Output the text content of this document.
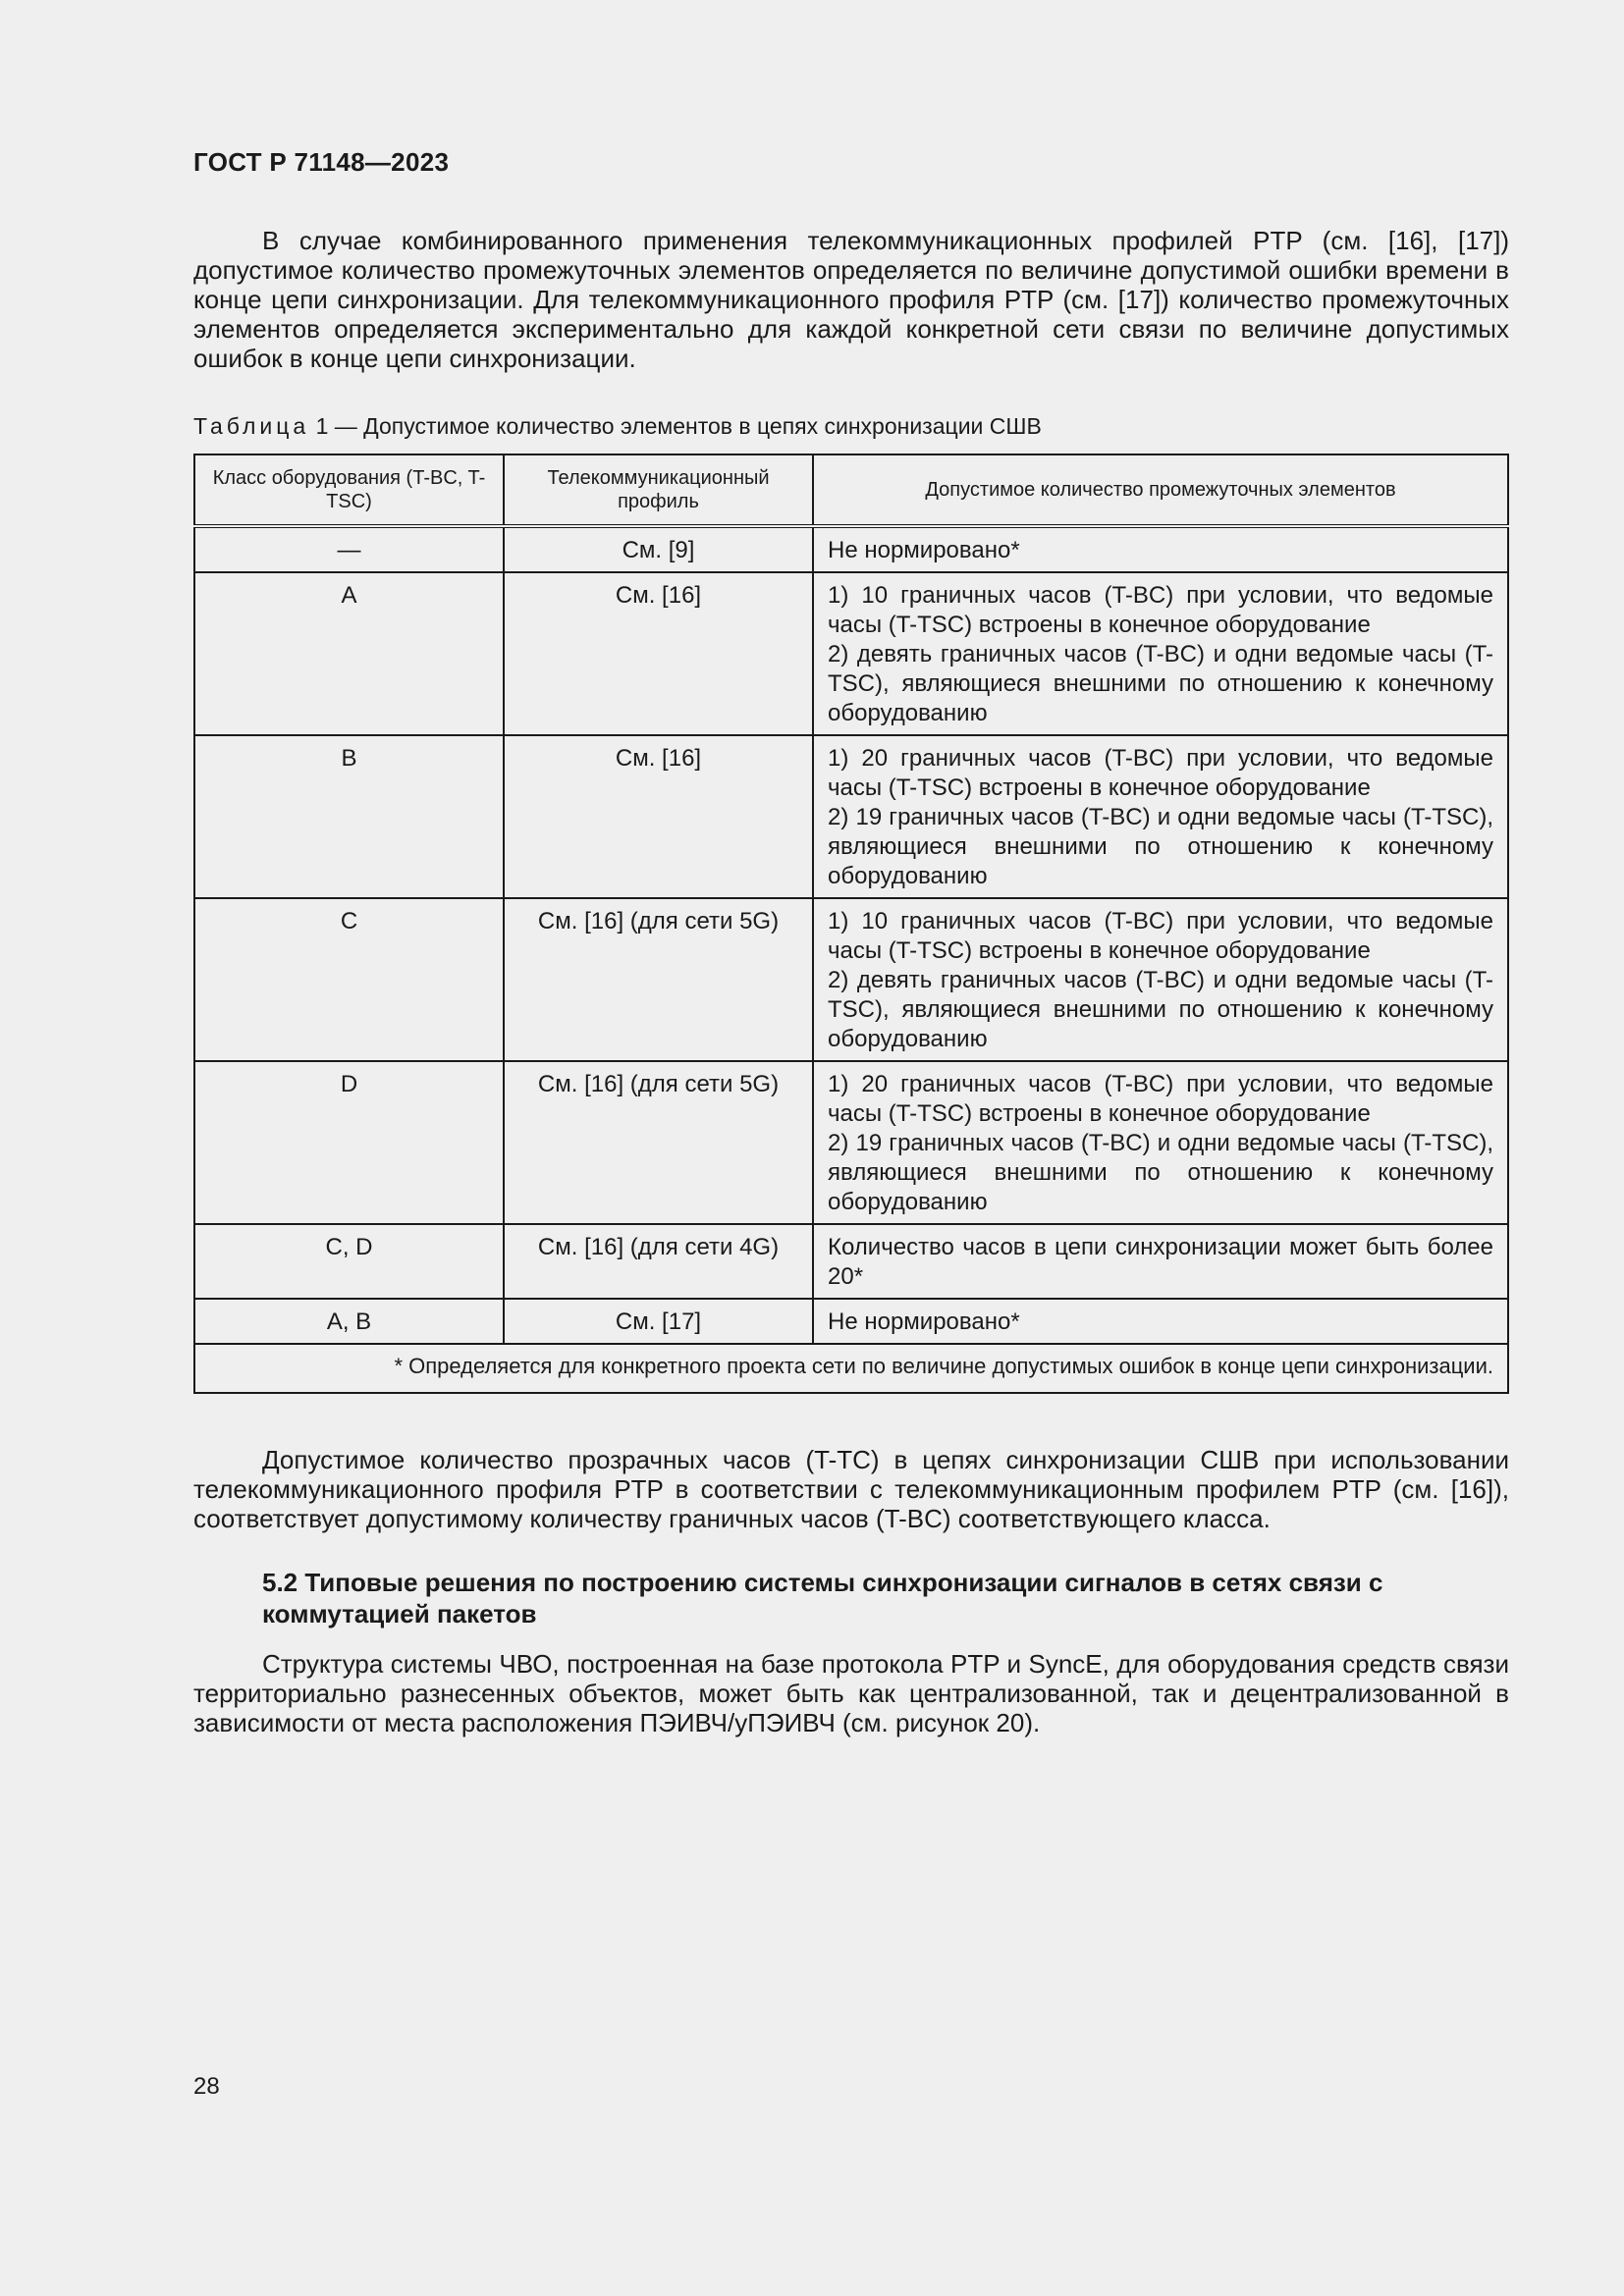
ГОСТ Р 71148—2023

В случае комбинированного применения телекоммуникационных профилей PTP (см. [16], [17]) допустимое количество промежуточных элементов определяется по величине допустимой ошибки времени в конце цепи синхронизации. Для телекоммуникационного профиля PTP (см. [17]) количество промежуточных элементов определяется экспериментально для каждой конкретной сети связи по величине допустимых ошибок в конце цепи синхронизации.

Таблица 1 — Допустимое количество элементов в цепях синхронизации СШВ
Класс оборудования (T-BC, T-TSC)	Телекоммуникационный профиль	Допустимое количество промежуточных элементов
—	См. [9]	Не нормировано*

A	См. [16]	1) 10 граничных часов (T-BC) при условии, что ведомые часы (T-TSC) встроены в конечное оборудование
2) девять граничных часов (T-BC) и одни ведомые часы (T-TSC), являющиеся внешними по отношению к конечному оборудованию

B	См. [16]	1) 20 граничных часов (T-BC) при условии, что ведомые часы (T-TSC) встроены в конечное оборудование
2) 19 граничных часов (T-BC) и одни ведомые часы (T-TSC), являющиеся внешними по отношению к конечному оборудованию

C	См. [16] (для сети 5G)	1) 10 граничных часов (T-BC) при условии, что ведомые часы (T-TSC) встроены в конечное оборудование
2) девять граничных часов (T-BC) и одни ведомые часы (T-TSC), являющиеся внешними по отношению к конечному оборудованию

D	См. [16] (для сети 5G)	1) 20 граничных часов (T-BC) при условии, что ведомые часы (T-TSC) встроены в конечное оборудование
2) 19 граничных часов (T-BC) и одни ведомые часы (T-TSC), являющиеся внешними по отношению к конечному оборудованию

C, D	См. [16] (для сети 4G)	Количество часов в цепи синхронизации может быть более 20*

A, B	См. [17]	Не нормировано*

* Определяется для конкретного проекта сети по величине допустимых ошибок в конце цепи синхронизации.		

Допустимое количество прозрачных часов (T-TC) в цепях синхронизации СШВ при использовании телекоммуникационного профиля PTP в соответствии с телекоммуникационным профилем PTP (см. [16]), соответствует допустимому количеству граничных часов (T-BC) соответствующего класса.

5.2 Типовые решения по построению системы синхронизации сигналов в сетях связи с коммутацией пакетов

Структура системы ЧВО, построенная на базе протокола PTP и SyncE, для оборудования средств связи территориально разнесенных объектов, может быть как централизованной, так и децентрализованной в зависимости от места расположения ПЭИВЧ/уПЭИВЧ (см. рисунок 20).

28
